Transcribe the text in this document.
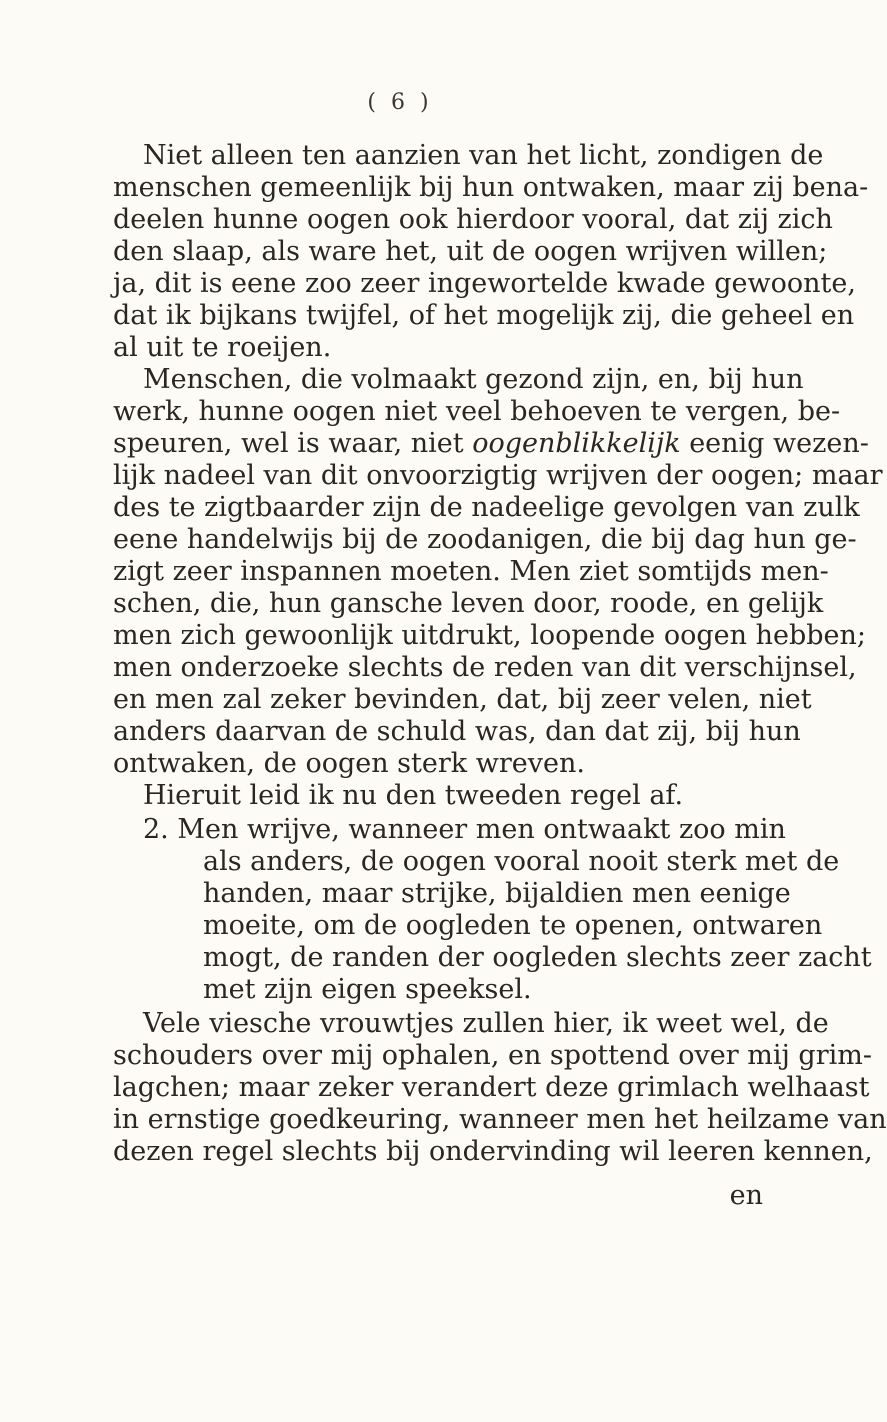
( 6 )
Niet alleen ten aanzien van het licht, zondigen de
menschen gemeenlijk bij hun ontwaken, maar zij bena-
deelen hunne oogen ook hierdoor vooral, dat zij zich
den slaap, als ware het, uit de oogen wrijven willen;
ja, dit is eene zoo zeer ingewortelde kwade gewoonte,
dat ik bijkans twijfel, of het mogelijk zij, die geheel en
al uit te roeijen.
Menschen, die volmaakt gezond zijn, en, bij hun
werk, hunne oogen niet veel behoeven te vergen, be-
speuren, wel is waar, niet oogenblikkelijk eenig wezen-
lijk nadeel van dit onvoorzigtig wrijven der oogen; maar
des te zigtbaarder zijn de nadeelige gevolgen van zulk
eene handelwijs bij de zoodanigen, die bij dag hun ge-
zigt zeer inspannen moeten. Men ziet somtijds men-
schen, die, hun gansche leven door, roode, en gelijk
men zich gewoonlijk uitdrukt, loopende oogen hebben;
men onderzoeke slechts de reden van dit verschijnsel,
en men zal zeker bevinden, dat, bij zeer velen, niet
anders daarvan de schuld was, dan dat zij, bij hun
ontwaken, de oogen sterk wreven.
Hieruit leid ik nu den tweeden regel af.
2. Men wrijve, wanneer men ontwaakt zoo min
als anders, de oogen vooral nooit sterk met de
handen, maar strijke, bijaldien men eenige
moeite, om de oogleden te openen, ontwaren
mogt, de randen der oogleden slechts zeer zacht
met zijn eigen speeksel.
Vele viesche vrouwtjes zullen hier, ik weet wel, de
schouders over mij ophalen, en spottend over mij grim-
lagchen; maar zeker verandert deze grimlach welhaast
in ernstige goedkeuring, wanneer men het heilzame van
dezen regel slechts bij ondervinding wil leeren kennen,
en
